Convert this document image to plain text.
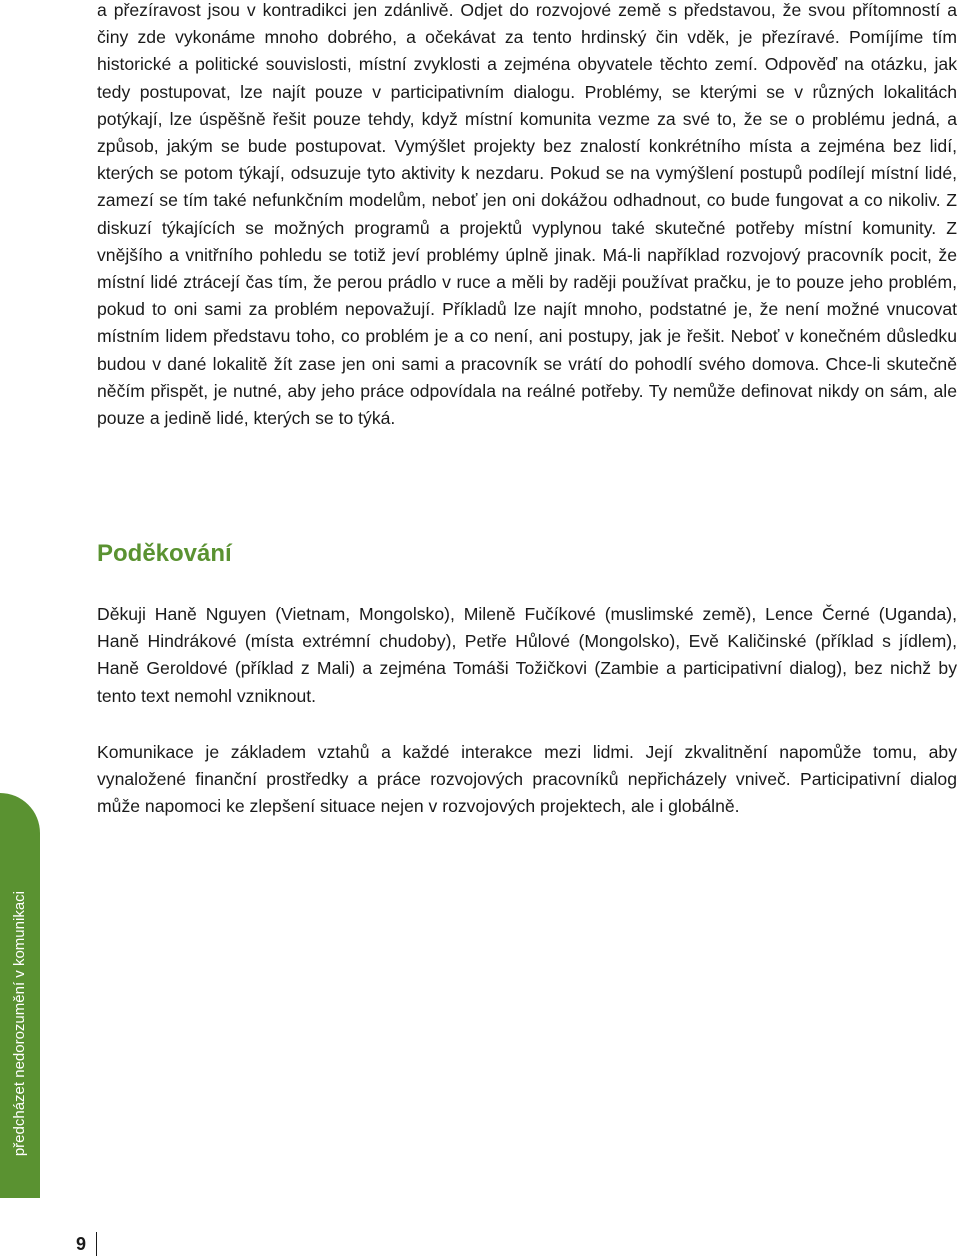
a přezíravost jsou v kontradikci jen zdánlivě. Odjet do rozvojové země s představou, že svou přítomností a činy zde vykonáme mnoho dobrého, a očekávat za tento hrdinský čin vděk, je přezíravé. Pomíjíme tím historické a politické souvislosti, místní zvyklosti a zejména obyvatele těchto zemí. Odpověď na otázku, jak tedy postupovat, lze najít pouze v participativním dialogu. Problémy, se kterými se v různých lokalitách potýkají, lze úspěšně řešit pouze tehdy, když místní komunita vezme za své to, že se o problému jedná, a způsob, jakým se bude postupovat. Vymýšlet projekty bez znalostí konkrétního místa a zejména bez lidí, kterých se potom týkají, odsuzuje tyto aktivity k nezdaru. Pokud se na vymýšlení postupů podílejí místní lidé, zamezí se tím také nefunkčním modelům, neboť jen oni dokážou odhadnout, co bude fungovat a co nikoliv. Z diskuzí týkajících se možných programů a projektů vyplynou také skutečné potřeby místní komunity. Z vnějšího a vnitřního pohledu se totiž jeví problémy úplně jinak. Má-li například rozvojový pracovník pocit, že místní lidé ztrácejí čas tím, že perou prádlo v ruce a měli by raději používat pračku, je to pouze jeho problém, pokud to oni sami za problém nepovažují. Příkladů lze najít mnoho, podstatné je, že není možné vnucovat místním lidem představu toho, co problém je a co není, ani postupy, jak je řešit. Neboť v konečném důsledku budou v dané lokalitě žít zase jen oni sami a pracovník se vrátí do pohodlí svého domova. Chce-li skutečně něčím přispět, je nutné, aby jeho práce odpovídala na reálné potřeby. Ty nemůže definovat nikdy on sám, ale pouze a jedině lidé, kterých se to týká.

Poděkování

Děkuji Haně Nguyen (Vietnam, Mongolsko), Mileně Fučíkové (muslimské země), Lence Černé (Uganda), Haně Hindrákové (místa extrémní chudoby), Petře Hůlové (Mongolsko), Evě Kaličinské (příklad s jídlem), Haně Geroldové (příklad z Mali) a zejména Tomáši Tožičkovi (Zambie a participativní dialog), bez nichž by tento text nemohl vzniknout.

Komunikace je základem vztahů a každé interakce mezi lidmi. Její zkvalitnění napomůže tomu, aby vynaložené finanční prostředky a práce rozvojových pracovníků nepřicházely vniveč. Participativní dialog může napomoci ke zlepšení situace nejen v rozvojových projektech, ale i globálně.

předcházet nedorozumění v komunikaci
9
